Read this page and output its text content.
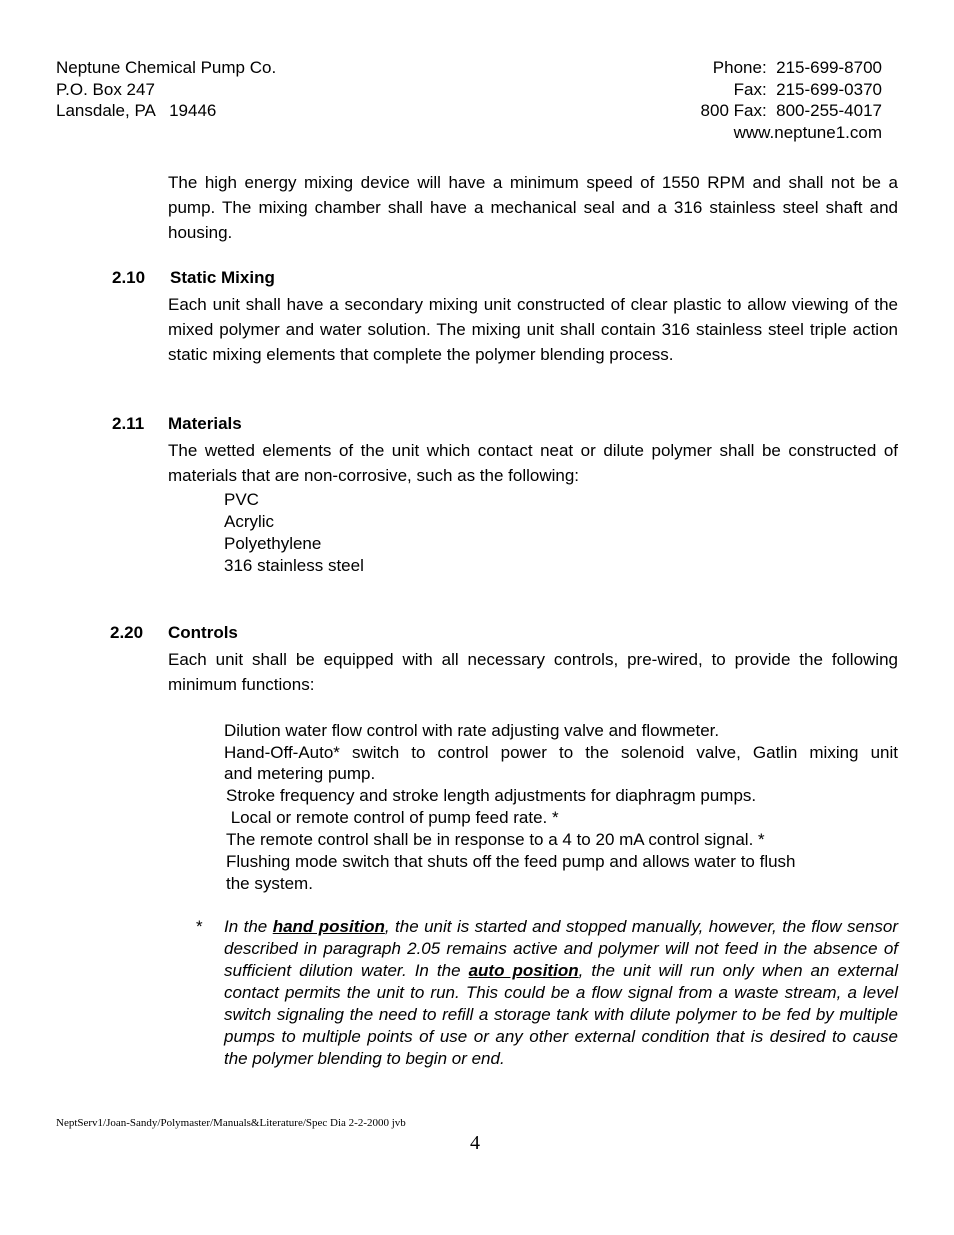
Neptune Chemical Pump Co.
P.O. Box 247
Lansdale, PA   19446
Phone:  215-699-8700
Fax:  215-699-0370
800 Fax:  800-255-4017
www.neptune1.com
The high energy mixing device will have a minimum speed of 1550 RPM and shall not be a pump. The mixing chamber shall have a mechanical seal and a 316 stainless steel shaft and housing.
2.10 Static Mixing
Each unit shall have a secondary mixing unit constructed of clear plastic to allow viewing of the mixed polymer and water solution. The mixing unit shall contain 316 stainless steel triple action static mixing elements that complete the polymer blending process.
2.11 Materials
The wetted elements of the unit which contact neat or dilute polymer shall be constructed of materials that are non-corrosive, such as the following:
PVC
Acrylic
Polyethylene
316 stainless steel
2.20 Controls
Each unit shall be equipped with all necessary controls, pre-wired, to provide the following minimum functions:
Dilution water flow control with rate adjusting valve and flowmeter.
Hand-Off-Auto* switch to control power to the solenoid valve, Gatlin mixing unit
and metering pump.
Stroke frequency and stroke length adjustments for diaphragm pumps.
Local or remote control of pump feed rate. *
The remote control shall be in response to a 4 to 20 mA control signal. *
Flushing mode switch that shuts off the feed pump and allows water to flush
the system.
* In the hand position, the unit is started and stopped manually, however, the flow sensor described in paragraph 2.05 remains active and polymer will not feed in the absence of sufficient dilution water. In the auto position, the unit will run only when an external contact permits the unit to run. This could be a flow signal from a waste stream, a level switch signaling the need to refill a storage tank with dilute polymer to be fed by multiple pumps to multiple points of use or any other external condition that is desired to cause the polymer blending to begin or end.
NeptServ1/Joan-Sandy/Polymaster/Manuals&Literature/Spec Dia 2-2-2000 jvb
4
